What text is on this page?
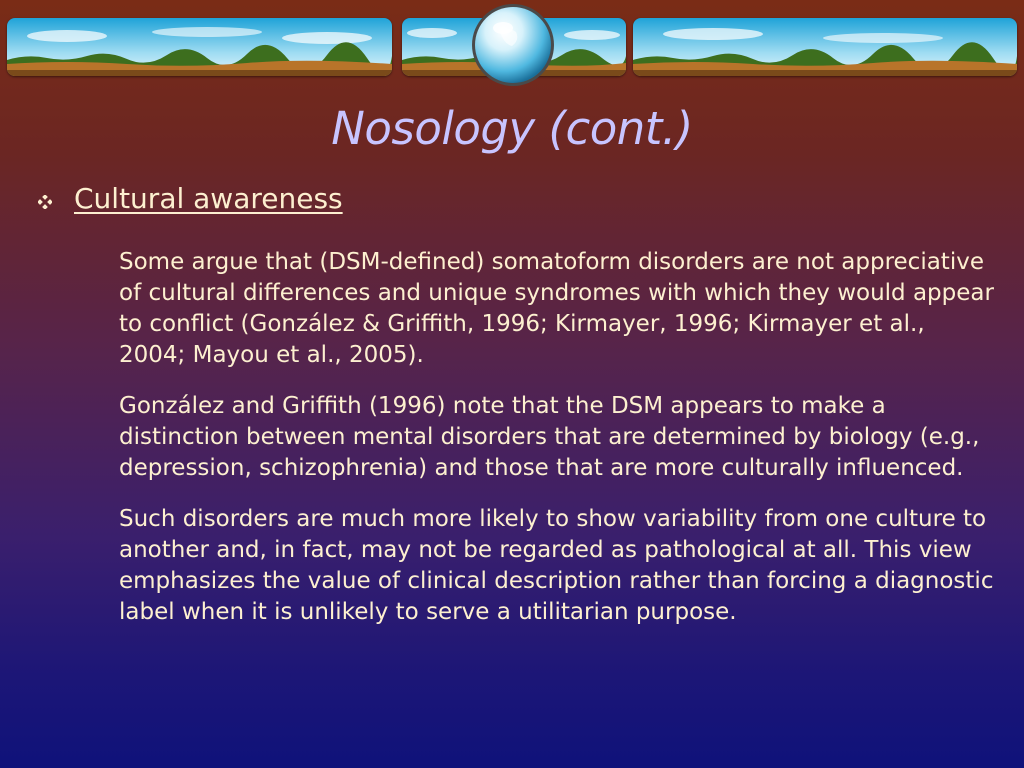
Nosology (cont.)
Cultural awareness

Some argue that (DSM-defined) somatoform disorders are not appreciative of cultural differences and unique syndromes with which they would appear to conflict (González & Griffith, 1996; Kirmayer, 1996; Kirmayer et al., 2004; Mayou et al., 2005).

González and Griffith (1996) note that the DSM appears to make a distinction between mental disorders that are determined by biology (e.g., depression, schizophrenia) and those that are more culturally influenced.

Such disorders are much more likely to show variability from one culture to another and, in fact, may not be regarded as pathological at all. This view emphasizes the value of clinical description rather than forcing a diagnostic label when it is unlikely to serve a utilitarian purpose.
